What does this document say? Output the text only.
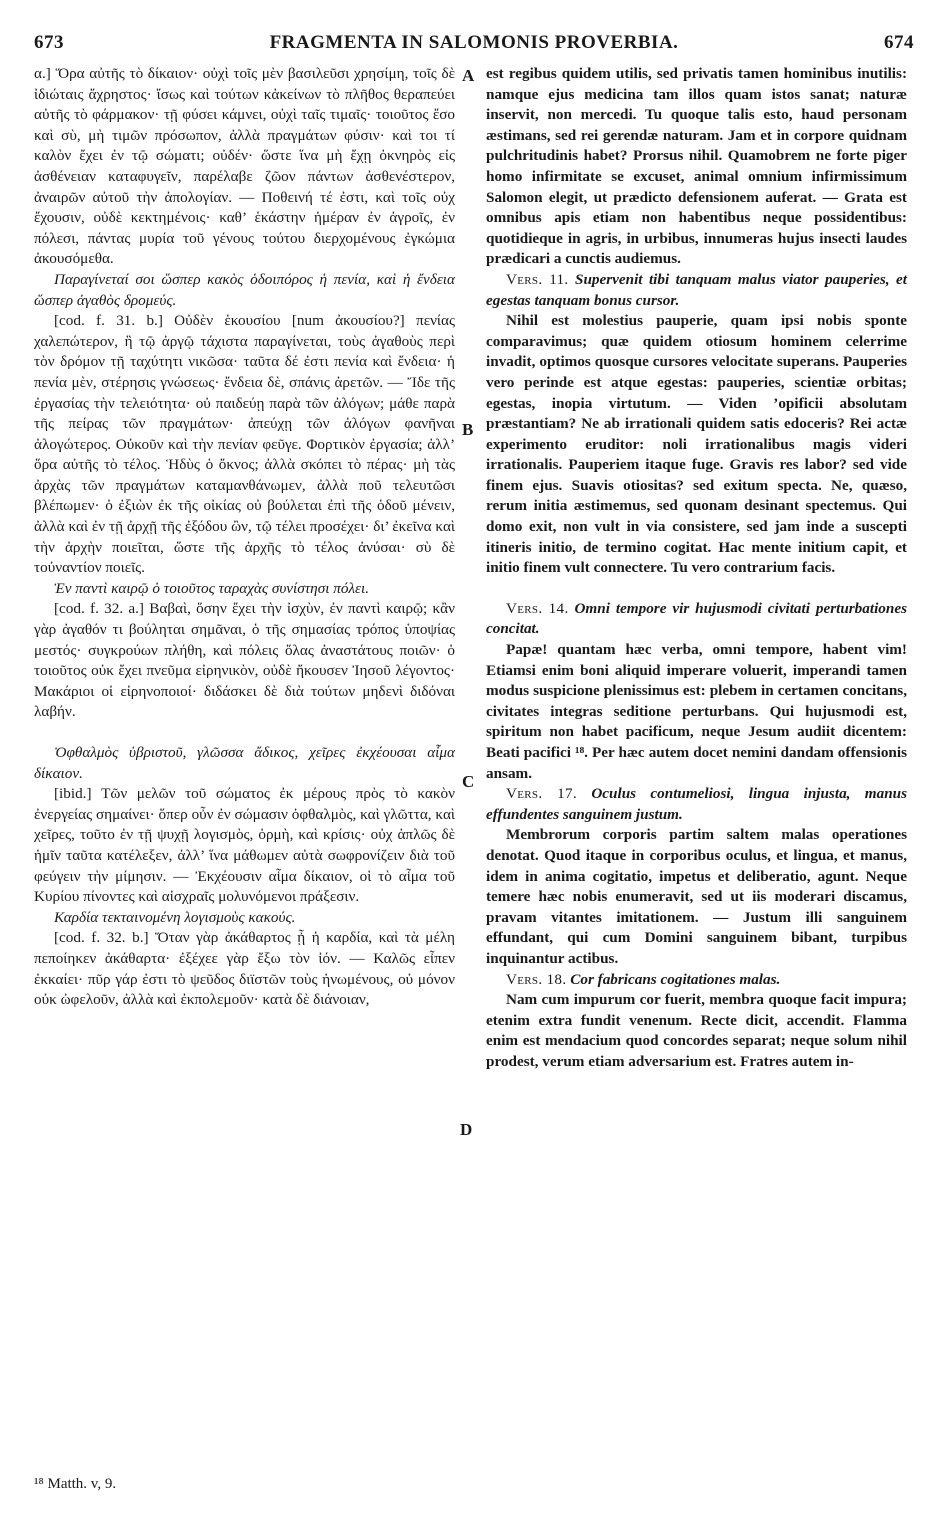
673	FRAGMENTA IN SALOMONIS PROVERBIA.	674

α.] Ὅρα αὐτῆς τὸ δίκαιον· οὐχὶ τοῖς μὲν βασιλεῦσι χρησίμη, τοῖς δὲ ἰδιώταις ἄχρηστος· ἴσως καὶ τούτων κἀκείνων τὸ πλῆθος θεραπεύει αὐτῆς τὸ φάρμακον· τῇ φύσει κάμνει, οὐχὶ ταῖς τιμαῖς· τοιοῦτος ἔσο καὶ σὺ, μὴ τιμῶν πρόσωπον, ἀλλὰ πραγμάτων φύσιν· καὶ τοι τί καλὸν ἔχει ἐν τῷ σώματι; οὐδέν· ὥστε ἵνα μὴ ἔχῃ ὀκνηρὸς εἰς ἀσθένειαν καταφυγεῖν, παρέλαβε ζῶον πάντων ἀσθενέστερον, ἀναιρῶν αὐτοῦ τὴν ἀπολογίαν. — Ποθεινή τέ ἐστι, καὶ τοῖς οὐχ ἔχουσιν, οὐδὲ κεκτημένοις· καθ’ ἑκάστην ἡμέραν ἐν ἀγροῖς, ἐν πόλεσι, πάντας μυρία τοῦ γένους τούτου διερχομένους ἐγκώμια ἀκουσόμεθα.

Παραγίνεταί σοι ὥσπερ κακὸς ὁδοιπόρος ἡ πενία, καὶ ἡ ἔνδεια ὥσπερ ἀγαθὸς δρομεύς.

[cod. f. 31. b.] Οὐδὲν ἑκουσίου [num ἀκουσίου?] πενίας χαλεπώτερον, ἣ τῷ ἀργῷ τάχιστα παραγίνεται, τοὺς ἀγαθοὺς περὶ τὸν δρόμον τῇ ταχύτητι νικῶσα· ταῦτα δέ ἐστι πενία καὶ ἔνδεια· ἡ πενία μὲν, στέρησις γνώσεως· ἔνδεια δὲ, σπάνις ἀρετῶν. — Ἴδε τῆς ἐργασίας τὴν τελειότητα· οὐ παιδεύῃ παρὰ τῶν ἀλόγων; μάθε παρὰ τῆς πείρας τῶν πραγμάτων· ἀπεύχῃ τῶν ἀλόγων φανῆναι ἀλογώτερος. Οὐκοῦν καὶ τὴν πενίαν φεῦγε. Φορτικὸν ἐργασία; ἀλλ’ ὅρα αὐτῆς τὸ τέλος. Ἡδὺς ὁ ὄκνος; ἀλλὰ σκόπει τὸ πέρας· μὴ τὰς ἀρχὰς τῶν πραγμάτων καταμανθάνωμεν, ἀλλὰ ποῦ τελευτῶσι βλέπωμεν· ὁ ἐξιὼν ἐκ τῆς οἰκίας οὐ βούλεται ἐπὶ τῆς ὁδοῦ μένειν, ἀλλὰ καὶ ἐν τῇ ἀρχῇ τῆς ἐξόδου ὢν, τῷ τέλει προσέχει· δι’ ἐκεῖνα καὶ τὴν ἀρχὴν ποιεῖται, ὥστε τῆς ἀρχῆς τὸ τέλος ἀνύσαι· σὺ δὲ τοὐναντίον ποιεῖς.

Ἐν παντὶ καιρῷ ὁ τοιοῦτος ταραχὰς συνίστησι πόλει.

[cod. f. 32. a.] Βαβαὶ, ὅσην ἔχει τὴν ἰσχὺν, ἐν παντὶ καιρῷ; κἂν γὰρ ἀγαθόν τι βούληται σημᾶναι, ὁ τῆς σημασίας τρόπος ὑποψίας μεστός· συγκρούων πλήθη, καὶ πόλεις ὅλας ἀναστάτους ποιῶν· ὁ τοιοῦτος οὐκ ἔχει πνεῦμα εἰρηνικὸν, οὐδὲ ἤκουσεν Ἰησοῦ λέγοντος· Μακάριοι οἱ εἰρηνοποιοί· διδάσκει δὲ διὰ τούτων μηδενὶ διδόναι λαβήν.

Ὀφθαλμὸς ὑβριστοῦ, γλῶσσα ἄδικος, χεῖρες ἐκχέουσαι αἷμα δίκαιον.

[ibid.] Τῶν μελῶν τοῦ σώματος ἐκ μέρους πρὸς τὸ κακὸν ἐνεργείας σημαίνει· ὅπερ οὖν ἐν σώμασιν ὀφθαλμὸς, καὶ γλῶττα, καὶ χεῖρες, τοῦτο ἐν τῇ ψυχῇ λογισμὸς, ὁρμὴ, καὶ κρίσις· οὐχ ἁπλῶς δὲ ἡμῖν ταῦτα κατέλεξεν, ἀλλ’ ἵνα μάθωμεν αὐτὰ σωφρονίζειν διὰ τοῦ φεύγειν τὴν μίμησιν. — Ἐκχέουσιν αἷμα δίκαιον, οἱ τὸ αἷμα τοῦ Κυρίου πίνοντες καὶ αἰσχραῖς μολυνόμενοι πράξεσιν.

Καρδία τεκταινομένη λογισμοὺς κακούς.

[cod. f. 32. b.] Ὅταν γὰρ ἀκάθαρτος ᾖ ἡ καρδία, καὶ τὰ μέλη πεποίηκεν ἀκάθαρτα· ἐξέχεε γὰρ ἔξω τὸν ἰόν. — Καλῶς εἶπεν ἐκκαίει· πῦρ γάρ ἐστι τὸ ψεῦδος διϊστῶν τοὺς ἡνωμένους, οὐ μόνον οὐκ ὠφελοῦν, ἀλλὰ καὶ ἐκπολεμοῦν· κατὰ δὲ διάνοιαν,

est regibus quidem utilis, sed privatis tamen hominibus inutilis: namque ejus medicina tam illos quam istos sanat; naturæ inservit, non mercedi. Tu quoque talis esto, haud personam æstimans, sed rei gerendæ naturam. Jam et in corpore quidnam pulchritudinis habet? Prorsus nihil. Quamobrem ne forte piger homo infirmitate se excuset, animal omnium infirmissimum Salomon elegit, ut prædicto defensionem auferat. — Grata est omnibus apis etiam non habentibus neque possidentibus: quotidieque in agris, in urbibus, innumeras hujus insecti laudes prædicari a cunctis audiemus.

Vers. 11. Supervenit tibi tanquam malus viator pauperies, et egestas tanquam bonus cursor.

Nihil est molestius pauperie, quam ipsi nobis sponte comparavimus; quæ quidem otiosum hominem celerrime invadit, optimos quosque cursores velocitate superans. Pauperies vero perinde est atque egestas: pauperies, scientiæ orbitas; egestas, inopia virtutum. — Viden ’opificii absolutam præstantiam? Ne ab irrationali quidem satis edoceris? Rei actæ experimento eruditor: noli irrationalibus magis videri irrationalis. Pauperiem itaque fuge. Gravis res labor? sed vide finem ejus. Suavis otiositas? sed exitum specta. Ne, quæso, rerum initia æstimemus, sed quonam desinant spectemus. Qui domo exit, non vult in via consistere, sed jam inde a suscepti itineris initio, de termino cogitat. Hac mente initium capit, et initio finem vult connectere. Tu vero contrarium facis.

Vers. 14. Omni tempore vir hujusmodi civitati perturbationes concitat.

Papæ! quantam hæc verba, omni tempore, habent vim! Etiamsi enim boni aliquid imperare voluerit, imperandi tamen modus suspicione plenissimus est: plebem in certamen concitans, civitates integras seditione perturbans. Qui hujusmodi est, spiritum non habet pacificum, neque Jesum audiit dicentem: Beati pacifici ¹⁸. Per hæc autem docet nemini dandam offensionis ansam.

Vers. 17. Oculus contumeliosi, lingua injusta, manus effundentes sanguinem justum.

Membrorum corporis partim saltem malas operationes denotat. Quod itaque in corporibus oculus, et lingua, et manus, idem in anima cogitatio, impetus et deliberatio, agunt. Neque temere hæc nobis enumeravit, sed ut iis moderari discamus, pravam vitantes imitationem. — Justum illi sanguinem effundant, qui cum Domini sanguinem bibant, turpibus inquinantur actibus.

Vers. 18. Cor fabricans cogitationes malas.

Nam cum impurum cor fuerit, membra quoque facit impura; etenim extra fundit venenum. Recte dicit, accendit. Flamma enim est mendacium quod concordes separat; neque solum nihil prodest, verum etiam adversarium est. Fratres autem in-

A
B
C
D
¹⁸ Matth. v, 9.
